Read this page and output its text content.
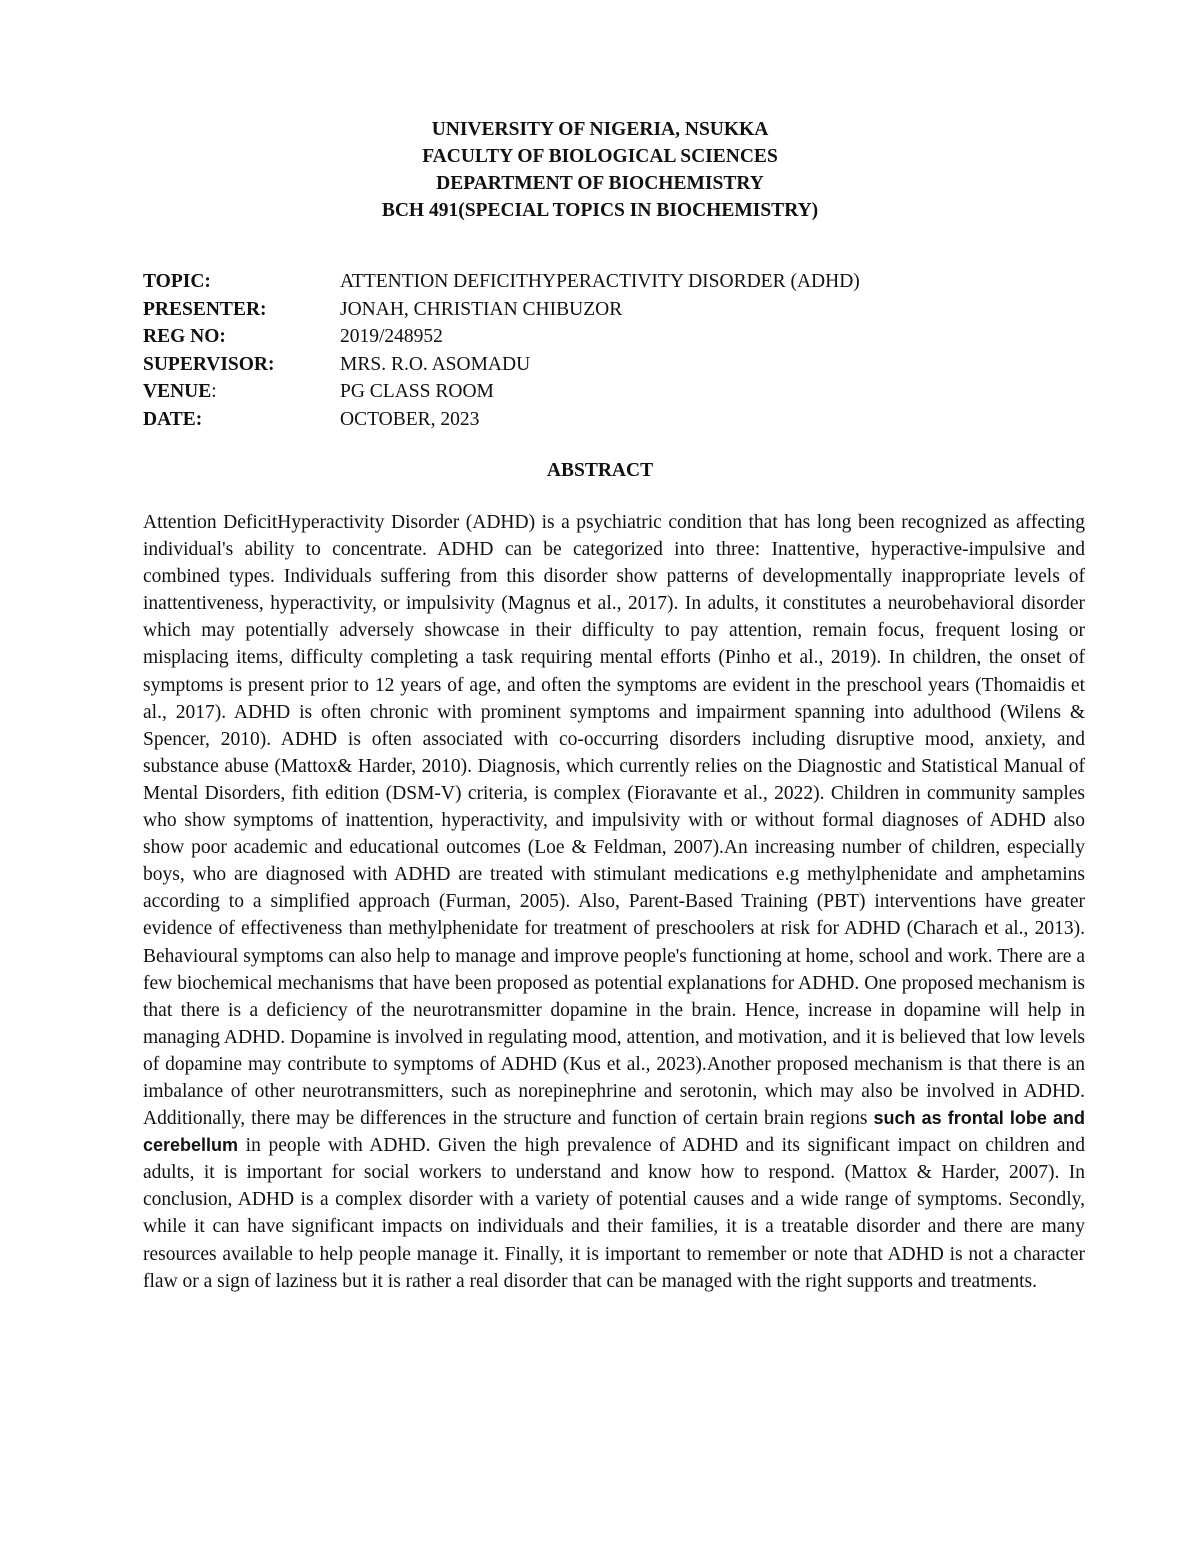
UNIVERSITY OF NIGERIA, NSUKKA
FACULTY OF BIOLOGICAL SCIENCES
DEPARTMENT OF BIOCHEMISTRY
BCH 491(SPECIAL TOPICS IN BIOCHEMISTRY)
TOPIC:	ATTENTION DEFICITHYPERACTIVITY DISORDER (ADHD)
PRESENTER:	JONAH, CHRISTIAN CHIBUZOR
REG NO:	2019/248952
SUPERVISOR:	MRS. R.O. ASOMADU
VENUE:	PG CLASS ROOM
DATE:	OCTOBER, 2023
ABSTRACT
Attention DeficitHyperactivity Disorder (ADHD) is a psychiatric condition that has long been recognized as affecting individual's ability to concentrate. ADHD can be categorized into three: Inattentive, hyperactive-impulsive and combined types. Individuals suffering from this disorder show patterns of developmentally inappropriate levels of inattentiveness, hyperactivity, or impulsivity (Magnus et al., 2017). In adults, it constitutes a neurobehavioral disorder which may potentially adversely showcase in their difficulty to pay attention, remain focus, frequent losing or misplacing items, difficulty completing a task requiring mental efforts (Pinho et al., 2019). In children, the onset of symptoms is present prior to 12 years of age, and often the symptoms are evident in the preschool years (Thomaidis et al., 2017). ADHD is often chronic with prominent symptoms and impairment spanning into adulthood (Wilens & Spencer, 2010). ADHD is often associated with co-occurring disorders including disruptive mood, anxiety, and substance abuse (Mattox& Harder, 2010). Diagnosis, which currently relies on the Diagnostic and Statistical Manual of Mental Disorders, fith edition (DSM-V) criteria, is complex (Fioravante et al., 2022). Children in community samples who show symptoms of inattention, hyperactivity, and impulsivity with or without formal diagnoses of ADHD also show poor academic and educational outcomes (Loe & Feldman, 2007).An increasing number of children, especially boys, who are diagnosed with ADHD are treated with stimulant medications e.g methylphenidate and amphetamins according to a simplified approach (Furman, 2005). Also, Parent-Based Training (PBT) interventions have greater evidence of effectiveness than methylphenidate for treatment of preschoolers at risk for ADHD (Charach et al., 2013). Behavioural symptoms can also help to manage and improve people's functioning at home, school and work. There are a few biochemical mechanisms that have been proposed as potential explanations for ADHD. One proposed mechanism is that there is a deficiency of the neurotransmitter dopamine in the brain. Hence, increase in dopamine will help in managing ADHD. Dopamine is involved in regulating mood, attention, and motivation, and it is believed that low levels of dopamine may contribute to symptoms of ADHD (Kus et al., 2023).Another proposed mechanism is that there is an imbalance of other neurotransmitters, such as norepinephrine and serotonin, which may also be involved in ADHD. Additionally, there may be differences in the structure and function of certain brain regions such as frontal lobe and cerebellum in people with ADHD. Given the high prevalence of ADHD and its significant impact on children and adults, it is important for social workers to understand and know how to respond. (Mattox & Harder, 2007). In conclusion, ADHD is a complex disorder with a variety of potential causes and a wide range of symptoms. Secondly, while it can have significant impacts on individuals and their families, it is a treatable disorder and there are many resources available to help people manage it. Finally, it is important to remember or note that ADHD is not a character flaw or a sign of laziness but it is rather a real disorder that can be managed with the right supports and treatments.
